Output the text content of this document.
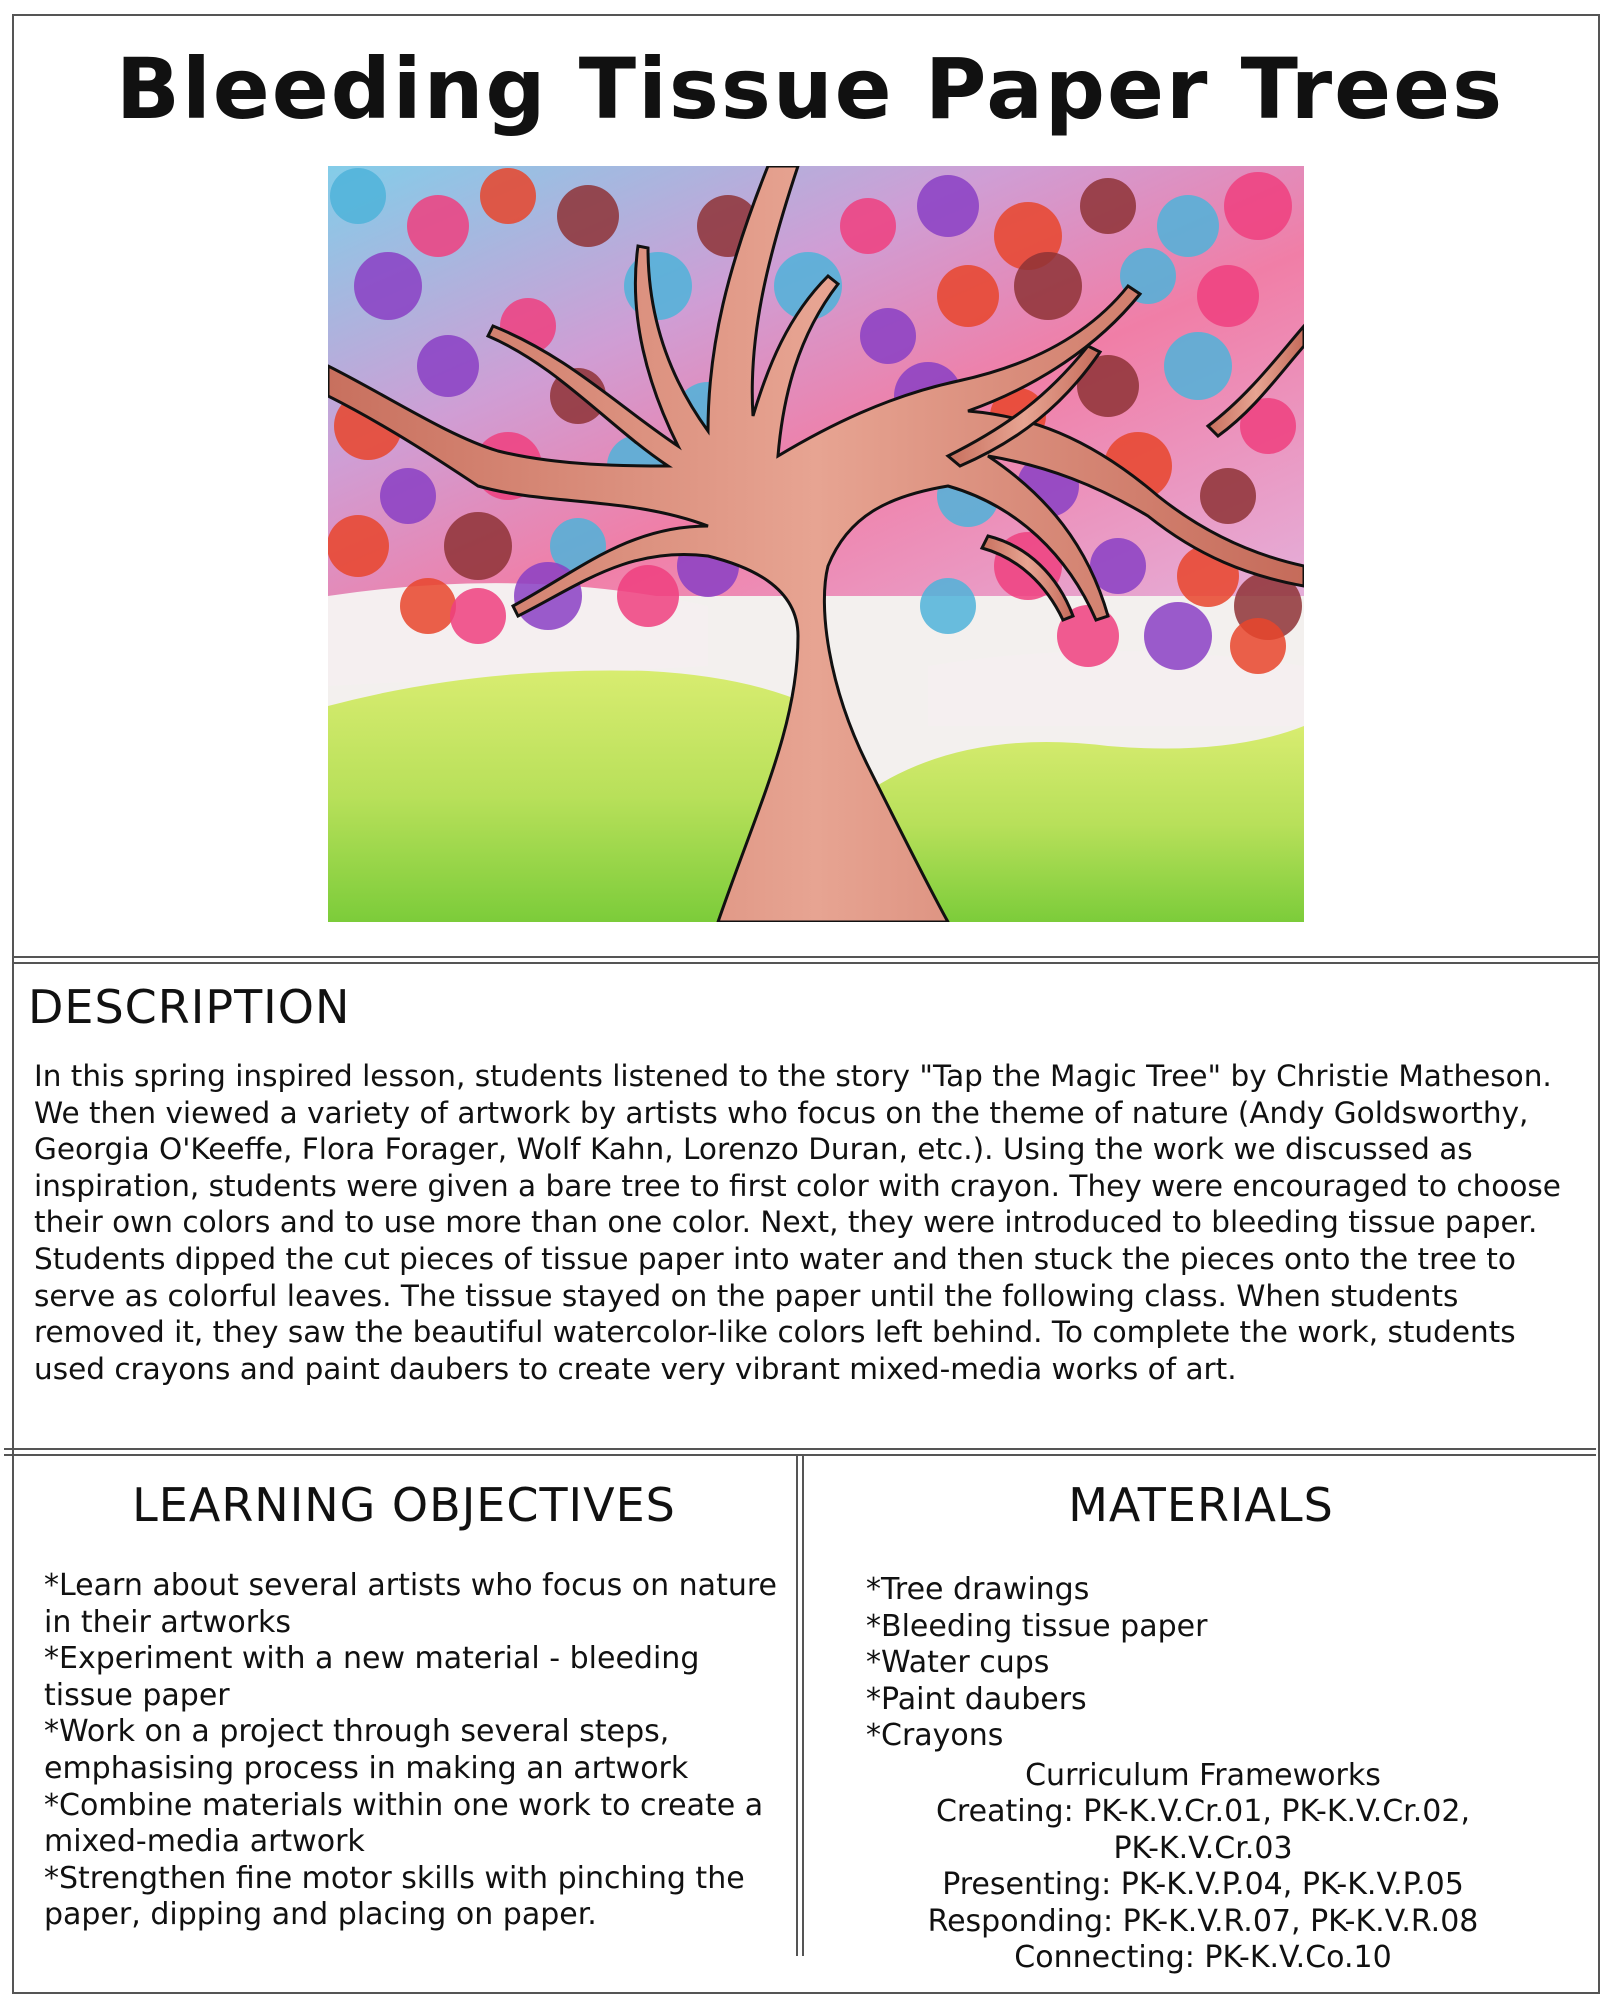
Bleeding Tissue Paper Trees
DESCRIPTION

In this spring inspired lesson, students listened to the story "Tap the Magic Tree" by Christie Matheson. We then viewed a variety of artwork by artists who focus on the theme of nature (Andy Goldsworthy, Georgia O'Keeffe, Flora Forager, Wolf Kahn, Lorenzo Duran, etc.). Using the work we discussed as inspiration, students were given a bare tree to first color with crayon. They were encouraged to choose their own colors and to use more than one color. Next, they were introduced to bleeding tissue paper. Students dipped the cut pieces of tissue paper into water and then stuck the pieces onto the tree to serve as colorful leaves. The tissue stayed on the paper until the following class. When students removed it, they saw the beautiful watercolor-like colors left behind. To complete the work, students used crayons and paint daubers to create very vibrant mixed-media works of art.

LEARNING OBJECTIVES
*Learn about several artists who focus on nature in their artworks
*Experiment with a new material - bleeding tissue paper
*Work on a project through several steps, emphasising process in making an artwork
*Combine materials within one work to create a mixed-media artwork
*Strengthen fine motor skills with pinching the paper, dipping and placing on paper.
MATERIALS
*Tree drawings
*Bleeding tissue paper
*Water cups
*Paint daubers
*Crayons
Curriculum Frameworks
Creating: PK-K.V.Cr.01, PK-K.V.Cr.02,
PK-K.V.Cr.03
Presenting: PK-K.V.P.04, PK-K.V.P.05
Responding: PK-K.V.R.07, PK-K.V.R.08
Connecting: PK-K.V.Co.10
